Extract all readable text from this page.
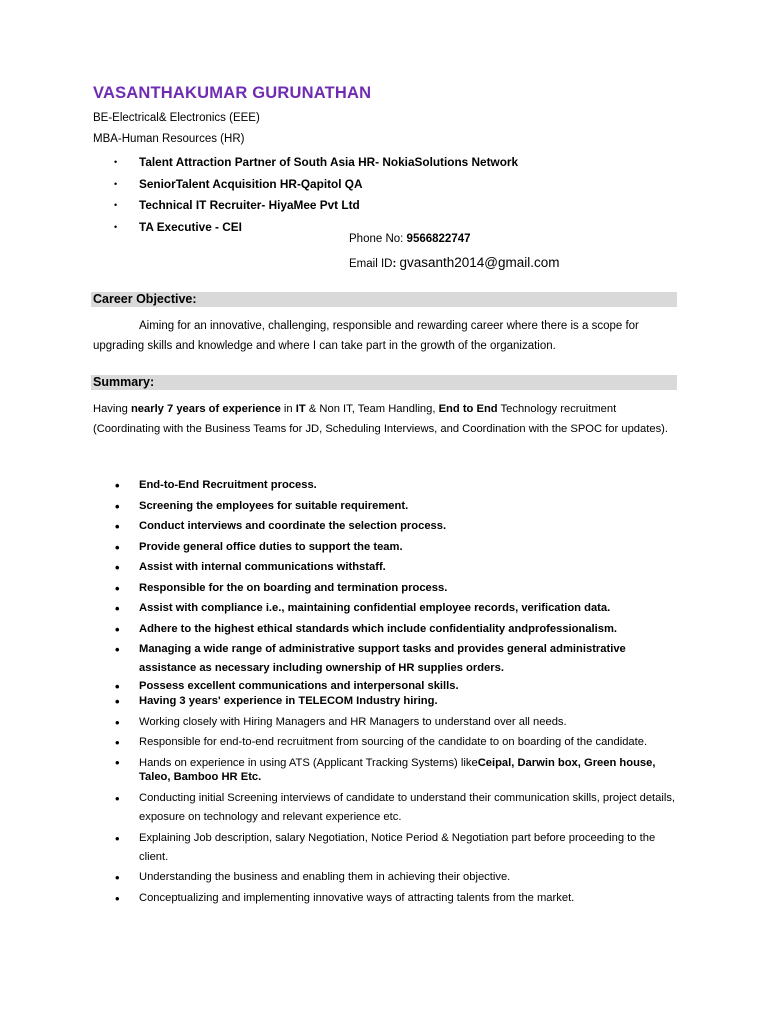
VASANTHAKUMAR GURUNATHAN
BE-Electrical& Electronics (EEE)
MBA-Human Resources (HR)
• Talent Attraction Partner of South Asia HR- NokiaSolutions Network
• SeniorTalent Acquisition HR-Qapitol QA
• Technical IT Recruiter- HiyaMee Pvt Ltd
• TA Executive - CEI
Phone No: 9566822747
Email ID: gvasanth2014@gmail.com
Career Objective:
Aiming for an innovative, challenging, responsible and rewarding career where there is a scope for upgrading skills and knowledge and where I can take part in the growth of the organization.
Summary:
Having nearly 7 years of experience in IT & Non IT, Team Handling, End to End Technology recruitment (Coordinating with the Business Teams for JD, Scheduling Interviews, and Coordination with the SPOC for updates).
• End-to-End Recruitment process.
• Screening the employees for suitable requirement.
• Conduct interviews and coordinate the selection process.
• Provide general office duties to support the team.
• Assist with internal communications withstaff.
• Responsible for the on boarding and termination process.
• Assist with compliance i.e., maintaining confidential employee records, verification data.
• Adhere to the highest ethical standards which include confidentiality andprofessionalism.
• Managing a wide range of administrative support tasks and provides general administrative assistance as necessary including ownership of HR supplies orders.
• Possess excellent communications and interpersonal skills.
• Having 3 years' experience in TELECOM Industry hiring.
• Working closely with Hiring Managers and HR Managers to understand over all needs.
• Responsible for end-to-end recruitment from sourcing of the candidate to on boarding of the candidate.
• Hands on experience in using ATS (Applicant Tracking Systems) likeCeipal, Darwin box, Green house, Taleo, Bamboo HR Etc.
• Conducting initial Screening interviews of candidate to understand their communication skills, project details, exposure on technology and relevant experience etc.
• Explaining Job description, salary Negotiation, Notice Period & Negotiation part before proceeding to the client.
• Understanding the business and enabling them in achieving their objective.
• Conceptualizing and implementing innovative ways of attracting talents from the market.
